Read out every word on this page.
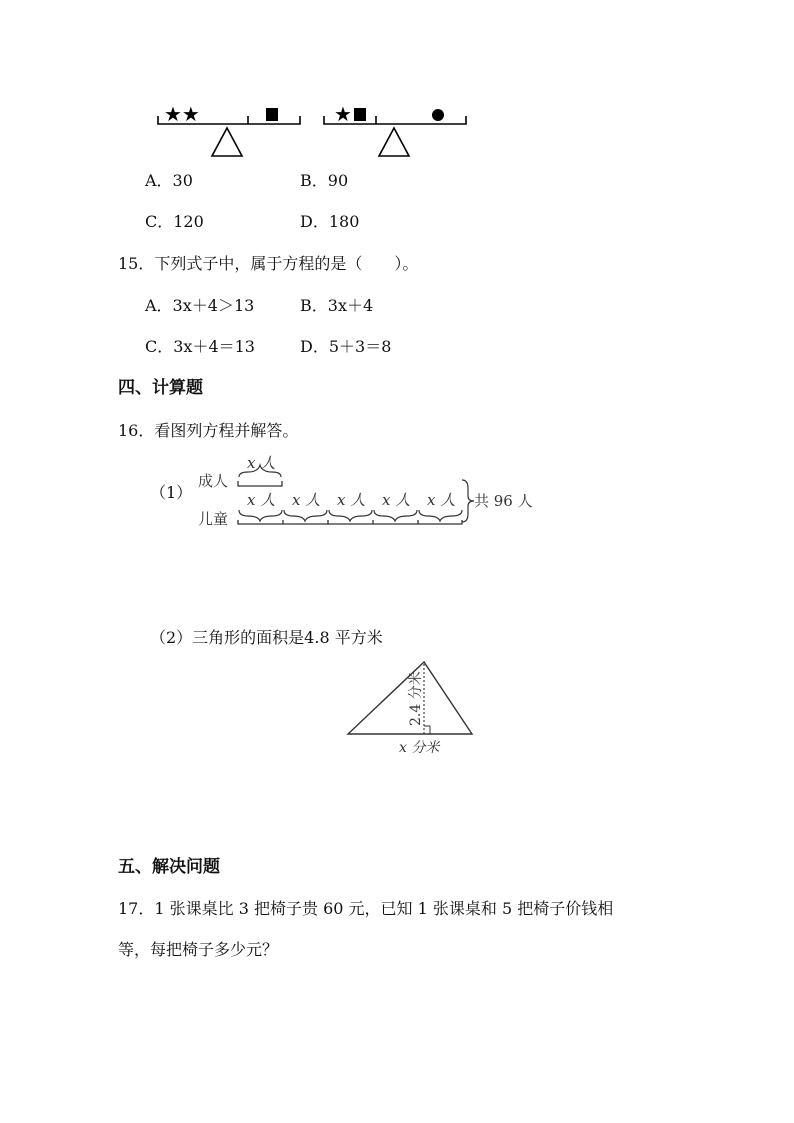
★★	★
A．30	B．90
C．120	D．180
15．下列式子中，属于方程的是（　　）。
A．3x＋4＞13	B．3x＋4
C．3x＋4＝13	D．5＋3＝8
四、计算题
16．看图列方程并解答。
（1）
成人
儿童
x 人
x 人 x 人 x 人 x 人 x 人 共 96 人
（2）三角形的面积是4.8 平方米
2.4 分米
x 分米
五、解决问题
17．1 张课桌比 3 把椅子贵 60 元，已知 1 张课桌和 5 把椅子价钱相
等，每把椅子多少元？
